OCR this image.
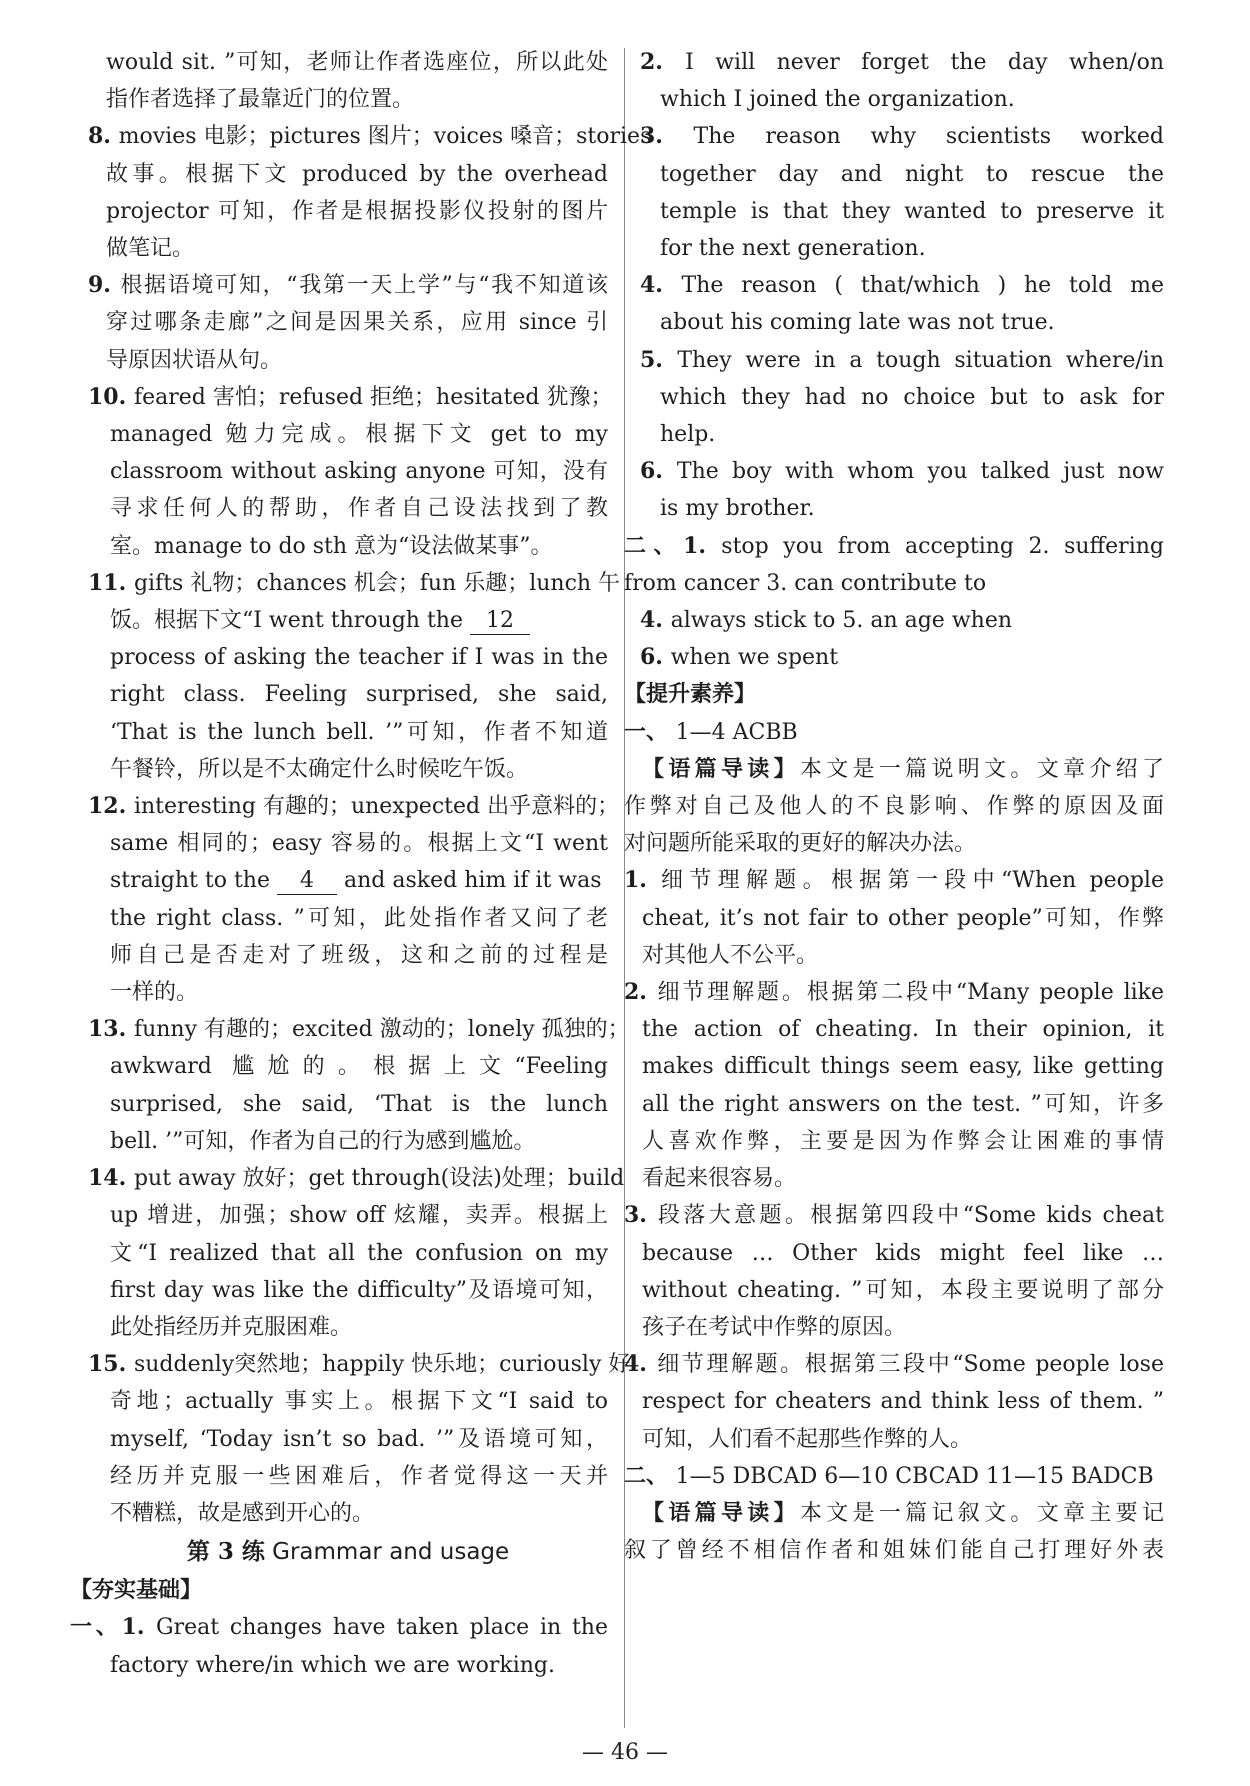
would sit. ”可知，老师让作者选座位，所以此处
指作者选择了最靠近门的位置。
8. movies 电影；pictures 图片；voices 嗓音；stories
故事。根据下文 produced by the overhead
projector 可知，作者是根据投影仪投射的图片
做笔记。
9. 根据语境可知，“我第一天上学”与“我不知道该
穿过哪条走廊”之间是因果关系，应用 since 引
导原因状语从句。
10. feared 害怕；refused 拒绝；hesitated 犹豫；
managed 勉力完成。根据下文 get to my
classroom without asking anyone 可知，没有
寻求任何人的帮助，作者自己设法找到了教
室。manage to do sth 意为“设法做某事”。
11. gifts 礼物；chances 机会；fun 乐趣；lunch 午
饭。根据下文“I went through the 12
process of asking the teacher if I was in the
right class. Feeling surprised, she said,
‘That is the lunch bell. ’”可知，作者不知道
午餐铃，所以是不太确定什么时候吃午饭。
12. interesting 有趣的；unexpected 出乎意料的；
same 相同的；easy 容易的。根据上文“I went
straight to the 4 and asked him if it was
the right class. ”可知，此处指作者又问了老
师自己是否走对了班级，这和之前的过程是
一样的。
13. funny 有趣的；excited 激动的；lonely 孤独的；
awkward 尴尬的。根据上文“Feeling
surprised, she said, ‘That is the lunch
bell. ’”可知，作者为自己的行为感到尴尬。
14. put away 放好；get through(设法)处理；build
up 增进，加强；show off 炫耀，卖弄。根据上
文“I realized that all the confusion on my
first day was like the difficulty”及语境可知，
此处指经历并克服困难。
15. suddenly突然地；happily 快乐地；curiously 好
奇地；actually 事实上。根据下文“I said to
myself, ‘Today isn’t so bad. ’”及语境可知，
经历并克服一些困难后，作者觉得这一天并
不糟糕，故是感到开心的。
第 3 练 Grammar and usage
【夯实基础】
一、1. Great changes have taken place in the
factory where/in which we are working.
2. I will never forget the day when/on
which I joined the organization.
3. The reason why scientists worked
together day and night to rescue the
temple is that they wanted to preserve it
for the next generation.
4. The reason ( that/which ) he told me
about his coming late was not true.
5. They were in a tough situation where/in
which they had no choice but to ask for
help.
6. The boy with whom you talked just now
is my brother.
二、1. stop you from accepting 2. suffering
from cancer 3. can contribute to
4. always stick to 5. an age when
6. when we spent
【提升素养】
一、 1—4 ACBB
【语篇导读】本文是一篇说明文。文章介绍了
作弊对自己及他人的不良影响、作弊的原因及面
对问题所能采取的更好的解决办法。
1. 细节理解题。根据第一段中“When people
cheat, it’s not fair to other people”可知，作弊
对其他人不公平。
2. 细节理解题。根据第二段中“Many people like
the action of cheating. In their opinion, it
makes difficult things seem easy, like getting
all the right answers on the test. ”可知，许多
人喜欢作弊，主要是因为作弊会让困难的事情
看起来很容易。
3. 段落大意题。根据第四段中“Some kids cheat
because … Other kids might feel like …
without cheating. ”可知，本段主要说明了部分
孩子在考试中作弊的原因。
4. 细节理解题。根据第三段中“Some people lose
respect for cheaters and think less of them. ”
可知，人们看不起那些作弊的人。
二、 1—5 DBCAD 6—10 CBCAD 11—15 BADCB
【语篇导读】本文是一篇记叙文。文章主要记
叙了曾经不相信作者和姐妹们能自己打理好外表
— 46 —
